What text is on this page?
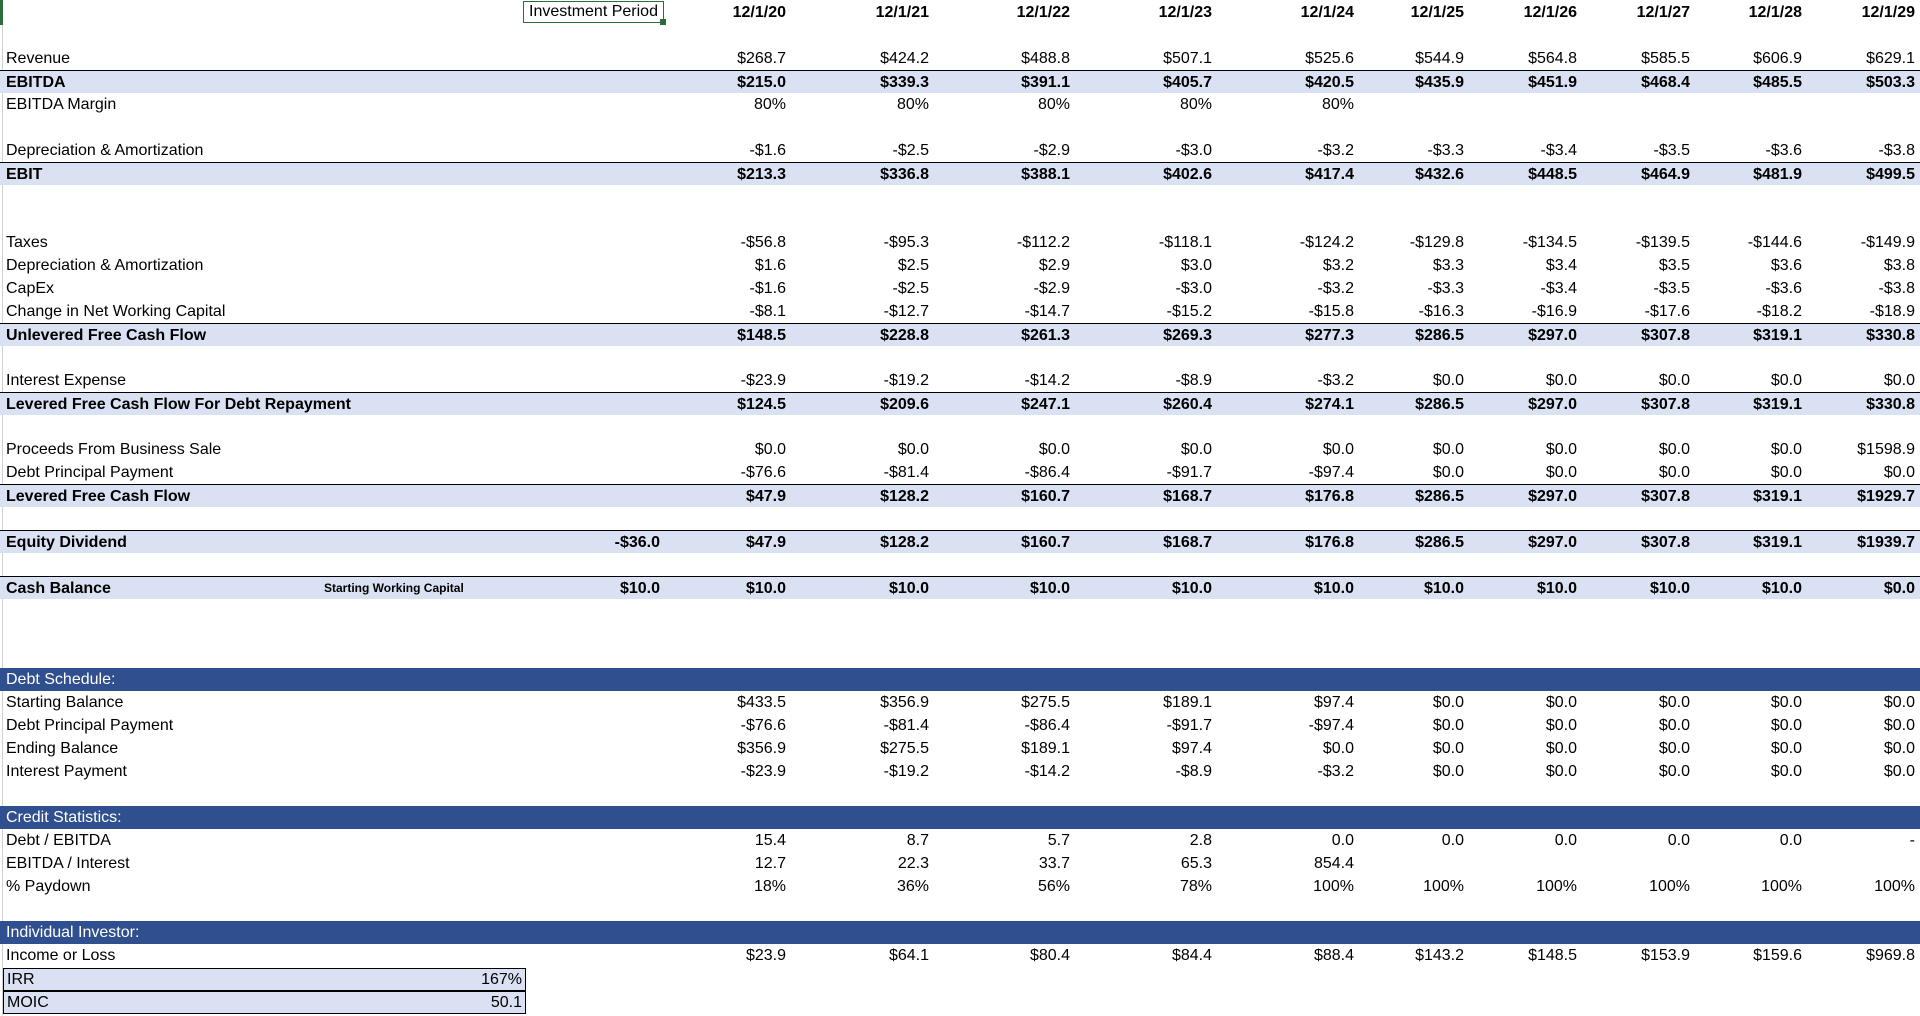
Investment Period	12/1/20	12/1/21	12/1/22	12/1/23	12/1/24	12/1/25	12/1/26	12/1/27	12/1/28	12/1/29
Revenue	$268.7	$424.2	$488.8	$507.1	$525.6	$544.9	$564.8	$585.5	$606.9	$629.1
EBITDA	$215.0	$339.3	$391.1	$405.7	$420.5	$435.9	$451.9	$468.4	$485.5	$503.3
EBITDA Margin	80%	80%	80%	80%	80%
Depreciation & Amortization	-$1.6	-$2.5	-$2.9	-$3.0	-$3.2	-$3.3	-$3.4	-$3.5	-$3.6	-$3.8
EBIT	$213.3	$336.8	$388.1	$402.6	$417.4	$432.6	$448.5	$464.9	$481.9	$499.5
Taxes	-$56.8	-$95.3	-$112.2	-$118.1	-$124.2	-$129.8	-$134.5	-$139.5	-$144.6	-$149.9
Depreciation & Amortization	$1.6	$2.5	$2.9	$3.0	$3.2	$3.3	$3.4	$3.5	$3.6	$3.8
CapEx	-$1.6	-$2.5	-$2.9	-$3.0	-$3.2	-$3.3	-$3.4	-$3.5	-$3.6	-$3.8
Change in Net Working Capital	-$8.1	-$12.7	-$14.7	-$15.2	-$15.8	-$16.3	-$16.9	-$17.6	-$18.2	-$18.9
Unlevered Free Cash Flow	$148.5	$228.8	$261.3	$269.3	$277.3	$286.5	$297.0	$307.8	$319.1	$330.8
Interest Expense	-$23.9	-$19.2	-$14.2	-$8.9	-$3.2	$0.0	$0.0	$0.0	$0.0	$0.0
Levered Free Cash Flow For Debt Repayment	$124.5	$209.6	$247.1	$260.4	$274.1	$286.5	$297.0	$307.8	$319.1	$330.8
Proceeds From Business Sale	$0.0	$0.0	$0.0	$0.0	$0.0	$0.0	$0.0	$0.0	$0.0	$1598.9
Debt Principal Payment	-$76.6	-$81.4	-$86.4	-$91.7	-$97.4	$0.0	$0.0	$0.0	$0.0	$0.0
Levered Free Cash Flow	$47.9	$128.2	$160.7	$168.7	$176.8	$286.5	$297.0	$307.8	$319.1	$1929.7
Equity Dividend	-$36.0	$47.9	$128.2	$160.7	$168.7	$176.8	$286.5	$297.0	$307.8	$319.1	$1939.7
Cash Balance	Starting Working Capital	$10.0	$10.0	$10.0	$10.0	$10.0	$10.0	$10.0	$10.0	$10.0	$10.0	$0.0
Debt Schedule:
Starting Balance	$433.5	$356.9	$275.5	$189.1	$97.4	$0.0	$0.0	$0.0	$0.0	$0.0
Debt Principal Payment	-$76.6	-$81.4	-$86.4	-$91.7	-$97.4	$0.0	$0.0	$0.0	$0.0	$0.0
Ending Balance	$356.9	$275.5	$189.1	$97.4	$0.0	$0.0	$0.0	$0.0	$0.0	$0.0
Interest Payment	-$23.9	-$19.2	-$14.2	-$8.9	-$3.2	$0.0	$0.0	$0.0	$0.0	$0.0
Credit Statistics:
Debt / EBITDA	15.4	8.7	5.7	2.8	0.0	0.0	0.0	0.0	0.0	-
EBITDA / Interest	12.7	22.3	33.7	65.3	854.4
% Paydown	18%	36%	56%	78%	100%	100%	100%	100%	100%	100%
Individual Investor:
Income or Loss	$23.9	$64.1	$80.4	$84.4	$88.4	$143.2	$148.5	$153.9	$159.6	$969.8
IRR	167%
MOIC	50.1
